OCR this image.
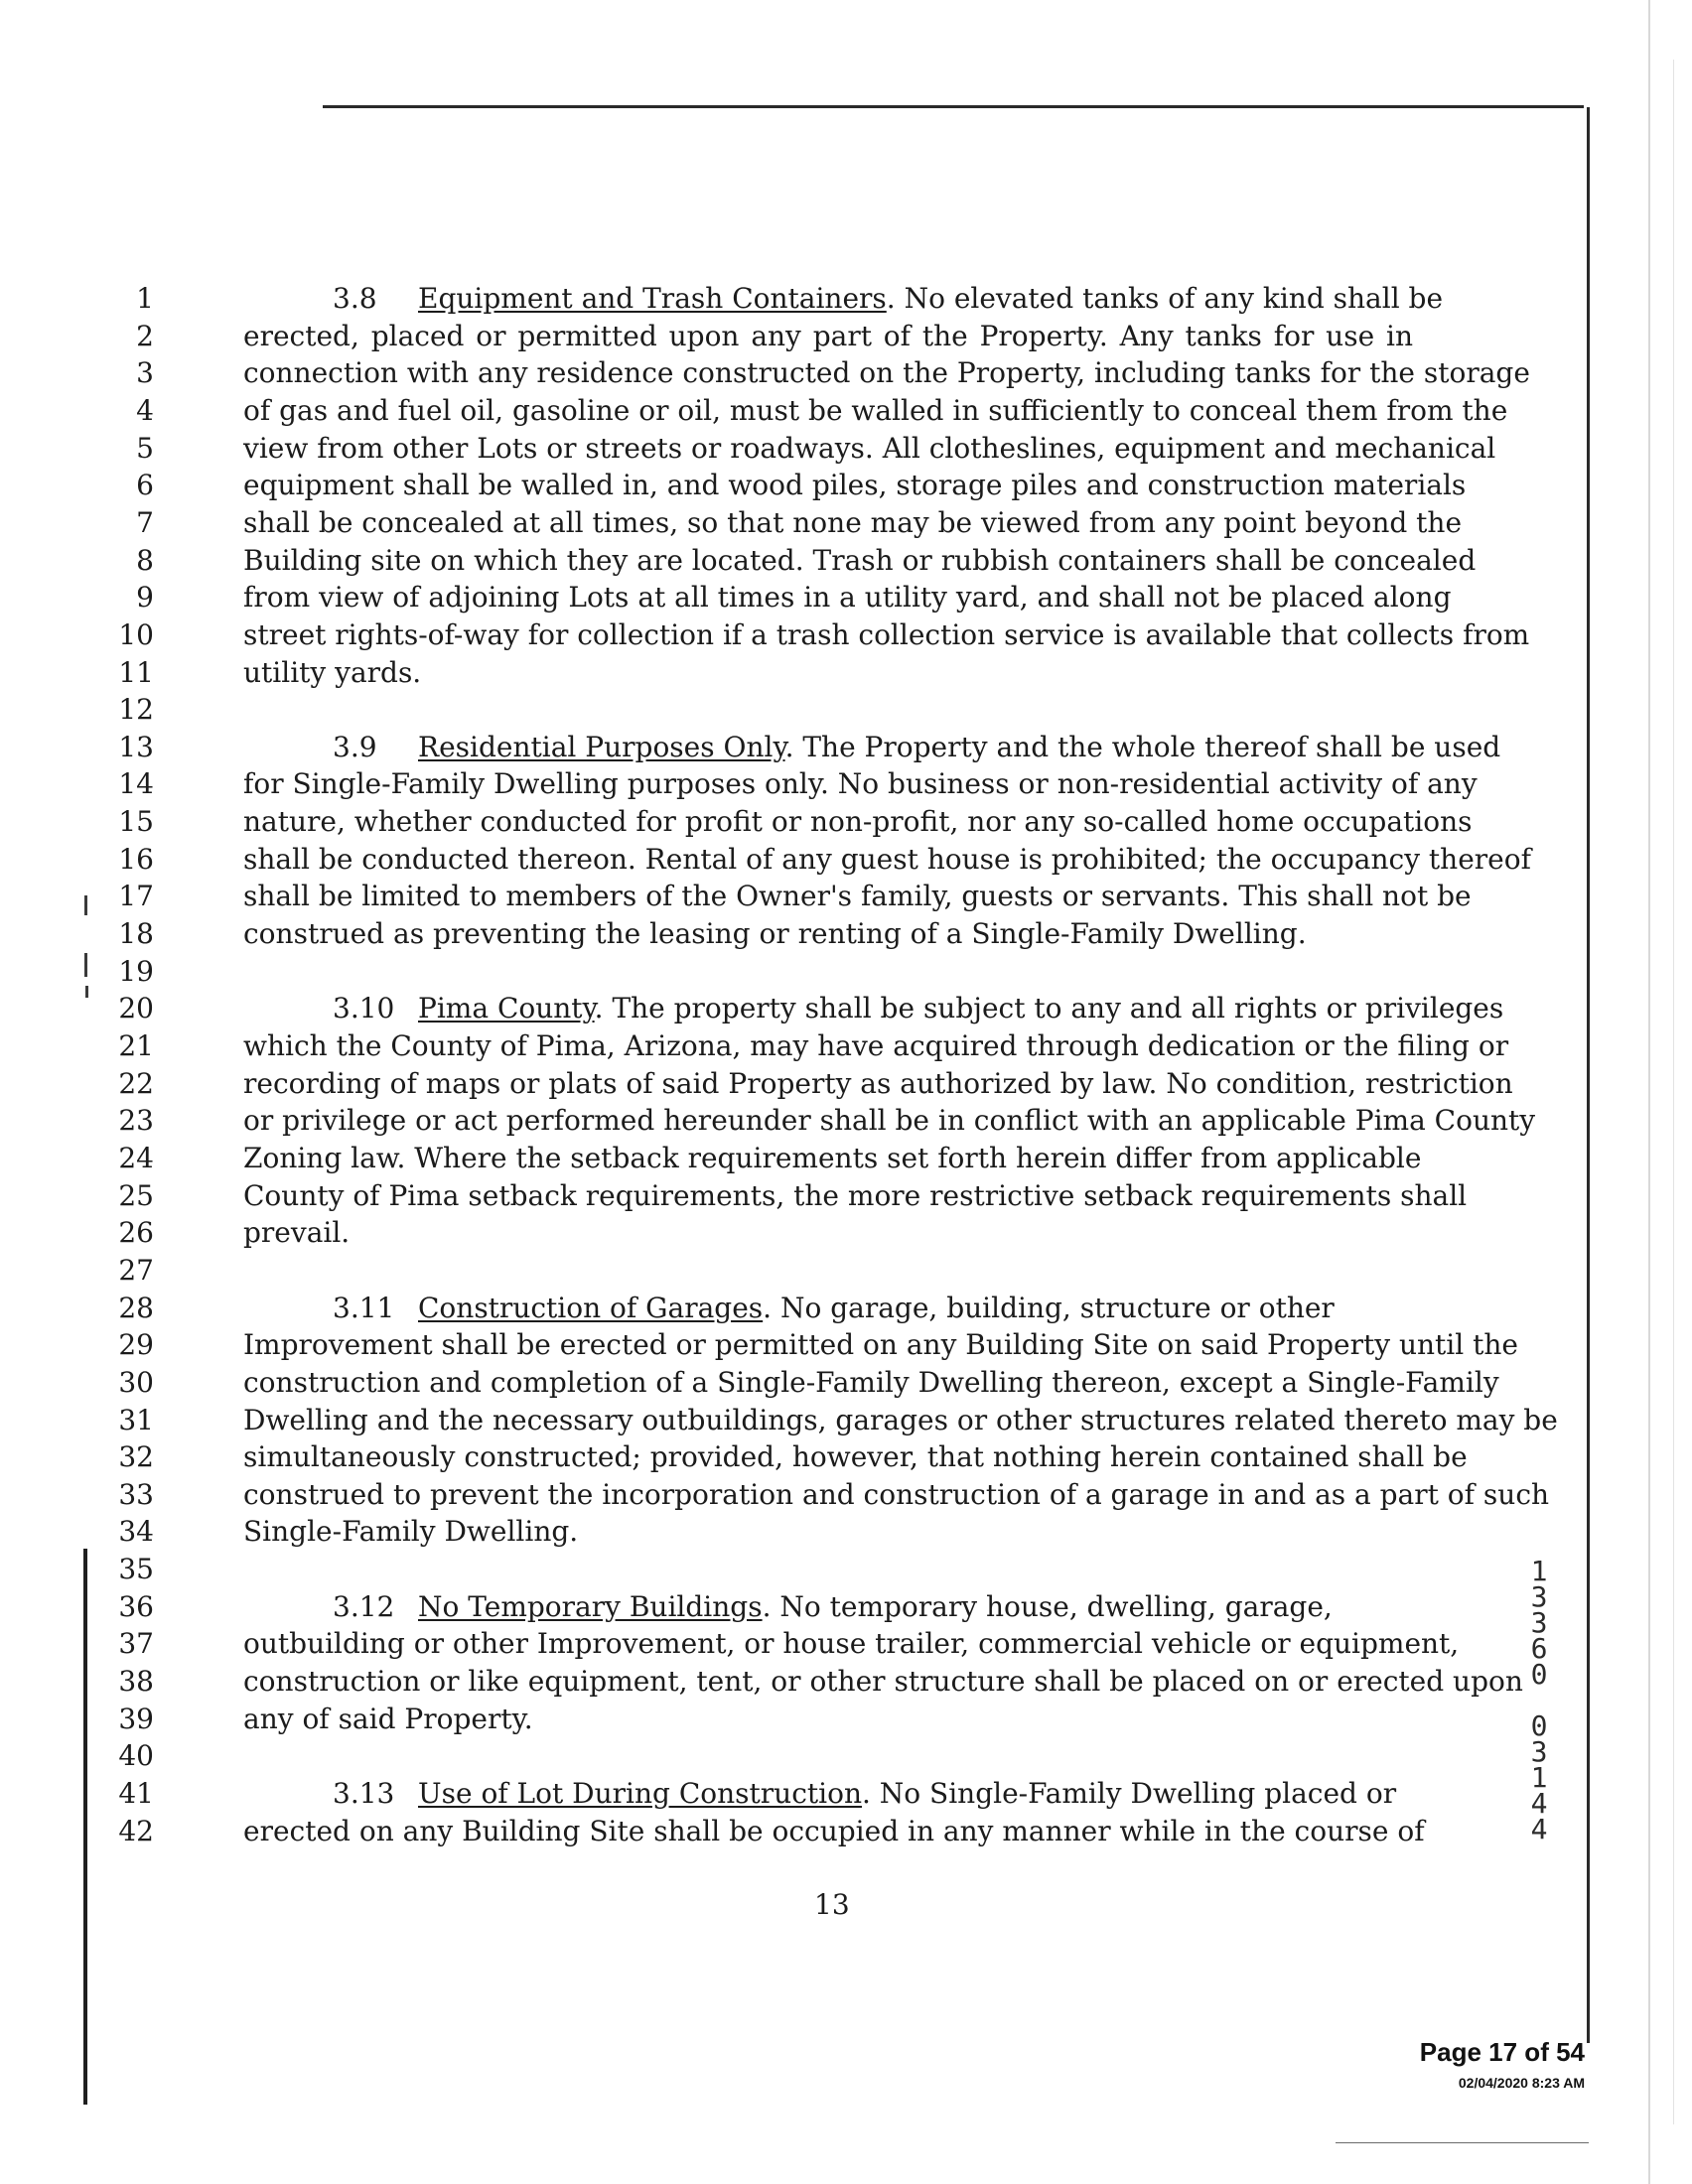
1	3.8 Equipment and Trash Containers. No elevated tanks of any kind shall be
2	erected, placed or permitted upon any part of the Property. Any tanks for use in
3	connection with any residence constructed on the Property, including tanks for the storage
4	of gas and fuel oil, gasoline or oil, must be walled in sufficiently to conceal them from the
5	view from other Lots or streets or roadways. All clotheslines, equipment and mechanical
6	equipment shall be walled in, and wood piles, storage piles and construction materials
7	shall be concealed at all times, so that none may be viewed from any point beyond the
8	Building site on which they are located. Trash or rubbish containers shall be concealed
9	from view of adjoining Lots at all times in a utility yard, and shall not be placed along
10	street rights-of-way for collection if a trash collection service is available that collects from
11	utility yards.
12
13	3.9 Residential Purposes Only. The Property and the whole thereof shall be used
14	for Single-Family Dwelling purposes only. No business or non-residential activity of any
15	nature, whether conducted for profit or non-profit, nor any so-called home occupations
16	shall be conducted thereon. Rental of any guest house is prohibited; the occupancy thereof
17	shall be limited to members of the Owner's family, guests or servants. This shall not be
18	construed as preventing the leasing or renting of a Single-Family Dwelling.
19
20	3.10 Pima County. The property shall be subject to any and all rights or privileges
21	which the County of Pima, Arizona, may have acquired through dedication or the filing or
22	recording of maps or plats of said Property as authorized by law. No condition, restriction
23	or privilege or act performed hereunder shall be in conflict with an applicable Pima County
24	Zoning law. Where the setback requirements set forth herein differ from applicable
25	County of Pima setback requirements, the more restrictive setback requirements shall
26	prevail.
27
28	3.11 Construction of Garages. No garage, building, structure or other
29	Improvement shall be erected or permitted on any Building Site on said Property until the
30	construction and completion of a Single-Family Dwelling thereon, except a Single-Family
31	Dwelling and the necessary outbuildings, garages or other structures related thereto may be
32	simultaneously constructed; provided, however, that nothing herein contained shall be
33	construed to prevent the incorporation and construction of a garage in and as a part of such
34	Single-Family Dwelling.
35
36	3.12 No Temporary Buildings. No temporary house, dwelling, garage,
37	outbuilding or other Improvement, or house trailer, commercial vehicle or equipment,
38	construction or like equipment, tent, or other structure shall be placed on or erected upon
39	any of said Property.
40
41	3.13 Use of Lot During Construction. No Single-Family Dwelling placed or
42	erected on any Building Site shall be occupied in any manner while in the course of
13
1
3
3
6
0

0
3
1
4
4
Page 17 of 54
02/04/2020 8:23 AM
